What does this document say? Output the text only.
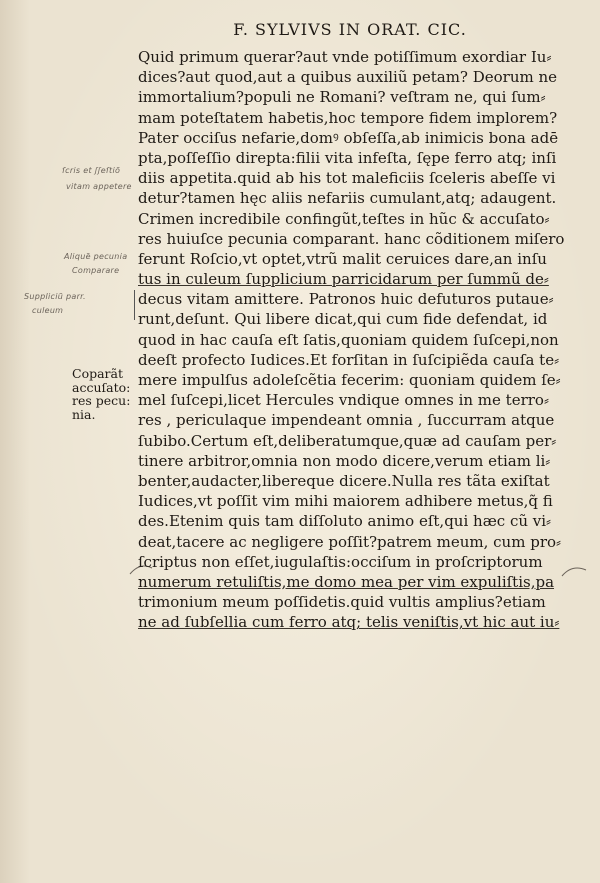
F. SYLVIVS IN ORAT. CIC.
ſcris et ʃʃeſtiõ
vitam appetere
Aliquẽ pecunia
Comparare
Suppliciũ parr.
culeum
Coparãt
accuſato:
res pecu:
nia.
Quid primum querar?aut vnde potiſſimum exordiar Iu⸗
dices?aut quod,aut a quibus auxiliũ petam? Deorum ne
immortalium?populi ne Romani? veſtram ne, qui ſum⸗
mam poteſtatem habetis,hoc tempore fidem implorem?
Pater occiſus nefarie,domꝰ obſeſſa,ab inimicis bona adē
pta,poſſeſſio direpta:filii vita infeſta, ſępe ferro atq; inſi
diis appetita.quid ab his tot maleficiis ſceleris abeſſe vi
detur?tamen hęc aliis nefariis cumulant,atq; adaugent.
Crimen incredibile confingũt,teſtes in hũc & accuſato⸗
res huiuſce pecunia comparant. hanc cõditionem miſero
ferunt Roſcio,vt optet,vtrũ malit ceruices dare,an inſu
tus in culeum ſupplicium parricidarum per ſummũ de⸗
decus vitam amittere. Patronos huic defuturos putaue⸗
runt,deſunt. Qui libere dicat,qui cum fide defendat, id
quod in hac cauſa eſt ſatis,quoniam quidem ſuſcepi,non
deeſt profecto Iudices.Et forſitan in ſuſcipiẽda cauſa te⸗
mere impulſus adoleſcẽtia fecerim: quoniam quidem ſe⸗
mel ſuſcepi,licet Hercules vndique omnes in me terro⸗
res , periculaque impendeant omnia , ſuccurram atque
ſubibo.Certum eſt,deliberatumque,quæ ad cauſam per⸗
tinere arbitror,omnia non modo dicere,verum etiam li⸗
benter,audacter,libereque dicere.Nulla res tãta exiſtat
Iudices,vt poſſit vim mihi maiorem adhibere metus,q̃ fi
des.Etenim quis tam diſſoluto animo eſt,qui hæc cũ vi⸗
deat,tacere ac negligere poſſit?patrem meum, cum pro⸗
ſcriptus non eſſet,iugulaſtis:occiſum in proſcriptorum
numerum retuliſtis,me domo mea per vim expuliſtis,pa
trimonium meum poſſidetis.quid vultis amplius?etiam
ne ad ſubſellia cum ferro atq; telis veniſtis,vt hic aut iu⸗
